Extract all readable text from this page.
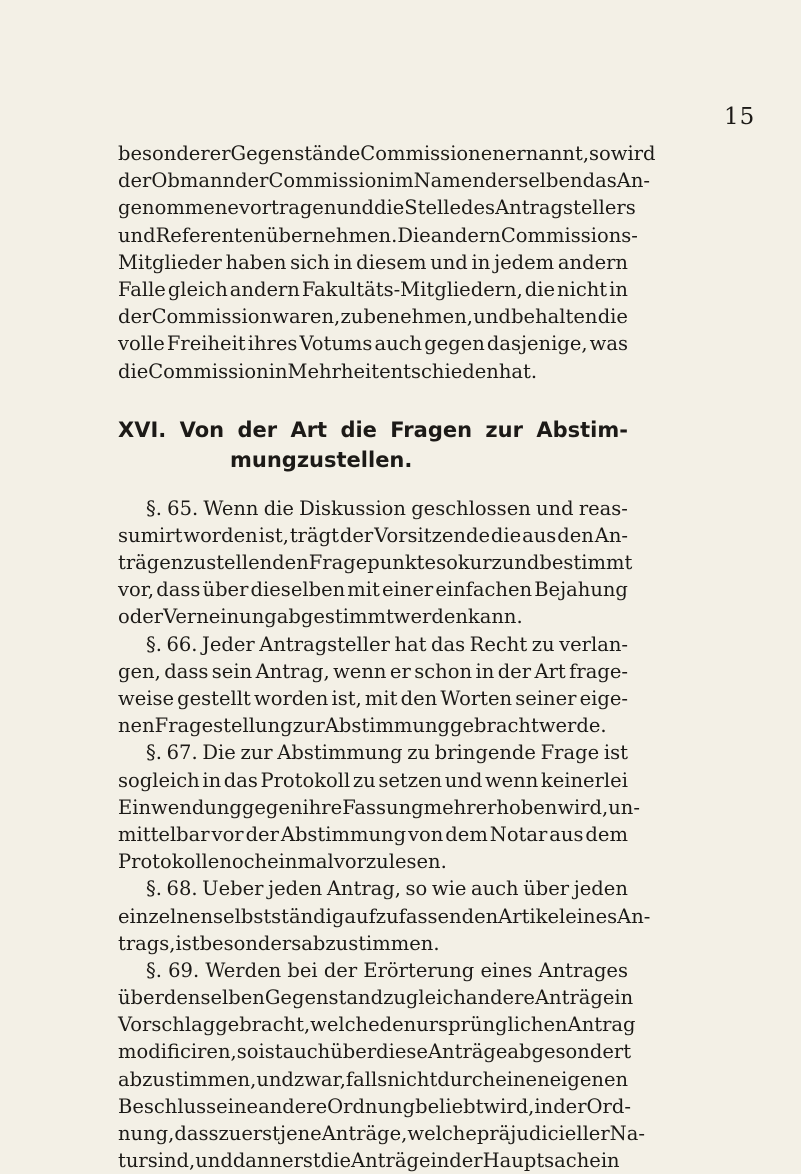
15
besonderer Gegenstände Commissionen ernannt, so wird
der Obmann der Commission im Namen derselben das An-
genommene vortragen und die Stelle des Antragstellers
und Referenten übernehmen. Die andern Commissions-
Mitglieder haben sich in diesem und in jedem andern
Falle gleich andern Fakultäts-Mitgliedern, die nicht in
der Commission waren, zu benehmen, und behalten die
volle Freiheit ihres Votums auch gegen dasjenige, was
die Commission in Mehrheit entschieden hat.
XVI. Von der Art die Fragen zur Abstim-
mung zu stellen.
§. 65. Wenn die Diskussion geschlossen und reas-
sumirt worden ist, trägt der Vorsitzende die aus den An-
trägen zu stellenden Fragepunkte so kurz und bestimmt
vor, dass über dieselben mit einer einfachen Bejahung
oder Verneinung abgestimmt werden kann.
§. 66. Jeder Antragsteller hat das Recht zu verlan-
gen, dass sein Antrag, wenn er schon in der Art frage-
weise gestellt worden ist, mit den Worten seiner eige-
nen Fragestellung zur Abstimmung gebracht werde.
§. 67. Die zur Abstimmung zu bringende Frage ist
sogleich in das Protokoll zu setzen und wenn keinerlei
Einwendung gegen ihre Fassung mehr erhoben wird, un-
mittelbar vor der Abstimmung von dem Notar aus dem
Protokolle noch einmal vorzulesen.
§. 68. Ueber jeden Antrag, so wie auch über jeden
einzelnen selbstständig aufzufassenden Artikel eines An-
trags, ist besonders abzustimmen.
§. 69. Werden bei der Erörterung eines Antrages
über denselben Gegenstand zugleich andere Anträge in
Vorschlag gebracht, welche den ursprünglichen Antrag
modificiren, so ist auch über diese Anträge abgesondert
abzustimmen, und zwar, falls nicht durch einen eigenen
Beschluss eine andere Ordnung beliebt wird, in der Ord-
nung, dass zuerst jene Anträge, welche präjudicieller Na-
tur sind, und dann erst die Anträge in der Hauptsache in
